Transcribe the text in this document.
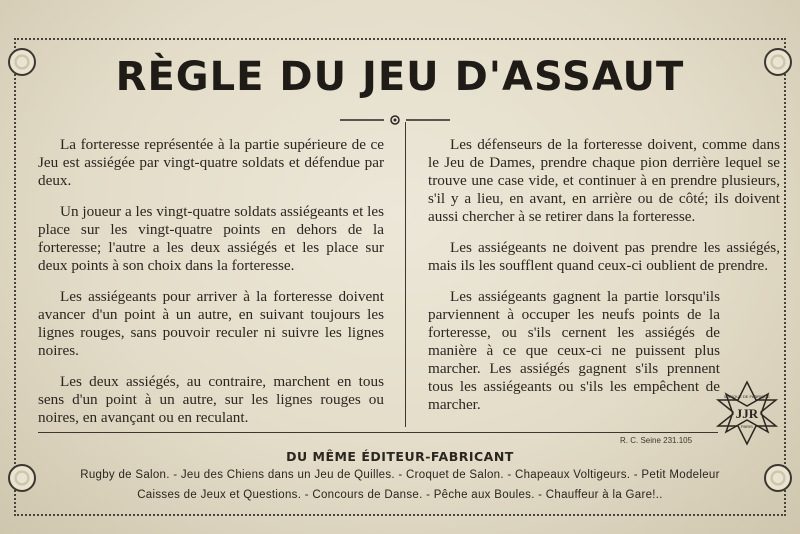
RÈGLE DU JEU D'ASSAUT

La forteresse représentée à la partie supérieure de ce Jeu est assiégée par vingt-quatre soldats et défendue par deux.

Un joueur a les vingt-quatre soldats assiégeants et les place sur les vingt-quatre points en dehors de la forteresse; l'autre a les deux assiégés et les place sur deux points à son choix dans la forteresse.

Les assiégeants pour arriver à la forteresse doivent avancer d'un point à un autre, en suivant toujours les lignes rouges, sans pouvoir reculer ni suivre les lignes noires.

Les deux assiégés, au contraire, marchent en tous sens d'un point à un autre, sur les lignes rouges ou noires, en avançant ou en reculant.

Les défenseurs de la forteresse doivent, comme dans le Jeu de Dames, prendre chaque pion derrière lequel se trouve une case vide, et continuer à en prendre plusieurs, s'il y a lieu, en avant, en arrière ou de côté; ils doivent aussi chercher à se retirer dans la forteresse.

Les assiégeants ne doivent pas prendre les assiégés, mais ils les soufflent quand ceux-ci oublient de prendre.

Les assiégeants gagnent la partie lorsqu'ils parviennent à occuper les neufs points de la forteresse, ou s'ils cernent les assiégés de manière à ce que ceux-ci ne puissent plus marcher. Les assiégés gagnent s'ils prennent tous les assiégeants ou s'ils les empêchent de marcher.	MARQUE DE FABRIQUE
JJR
PARIS
R. C. Seine 231.105
DU MÊME ÉDITEUR-FABRICANT
Rugby de Salon. - Jeu des Chiens dans un Jeu de Quilles. - Croquet de Salon. - Chapeaux Voltigeurs. - Petit Modeleur
Caisses de Jeux et Questions. - Concours de Danse. - Pêche aux Boules. - Chauffeur à la Gare!..
